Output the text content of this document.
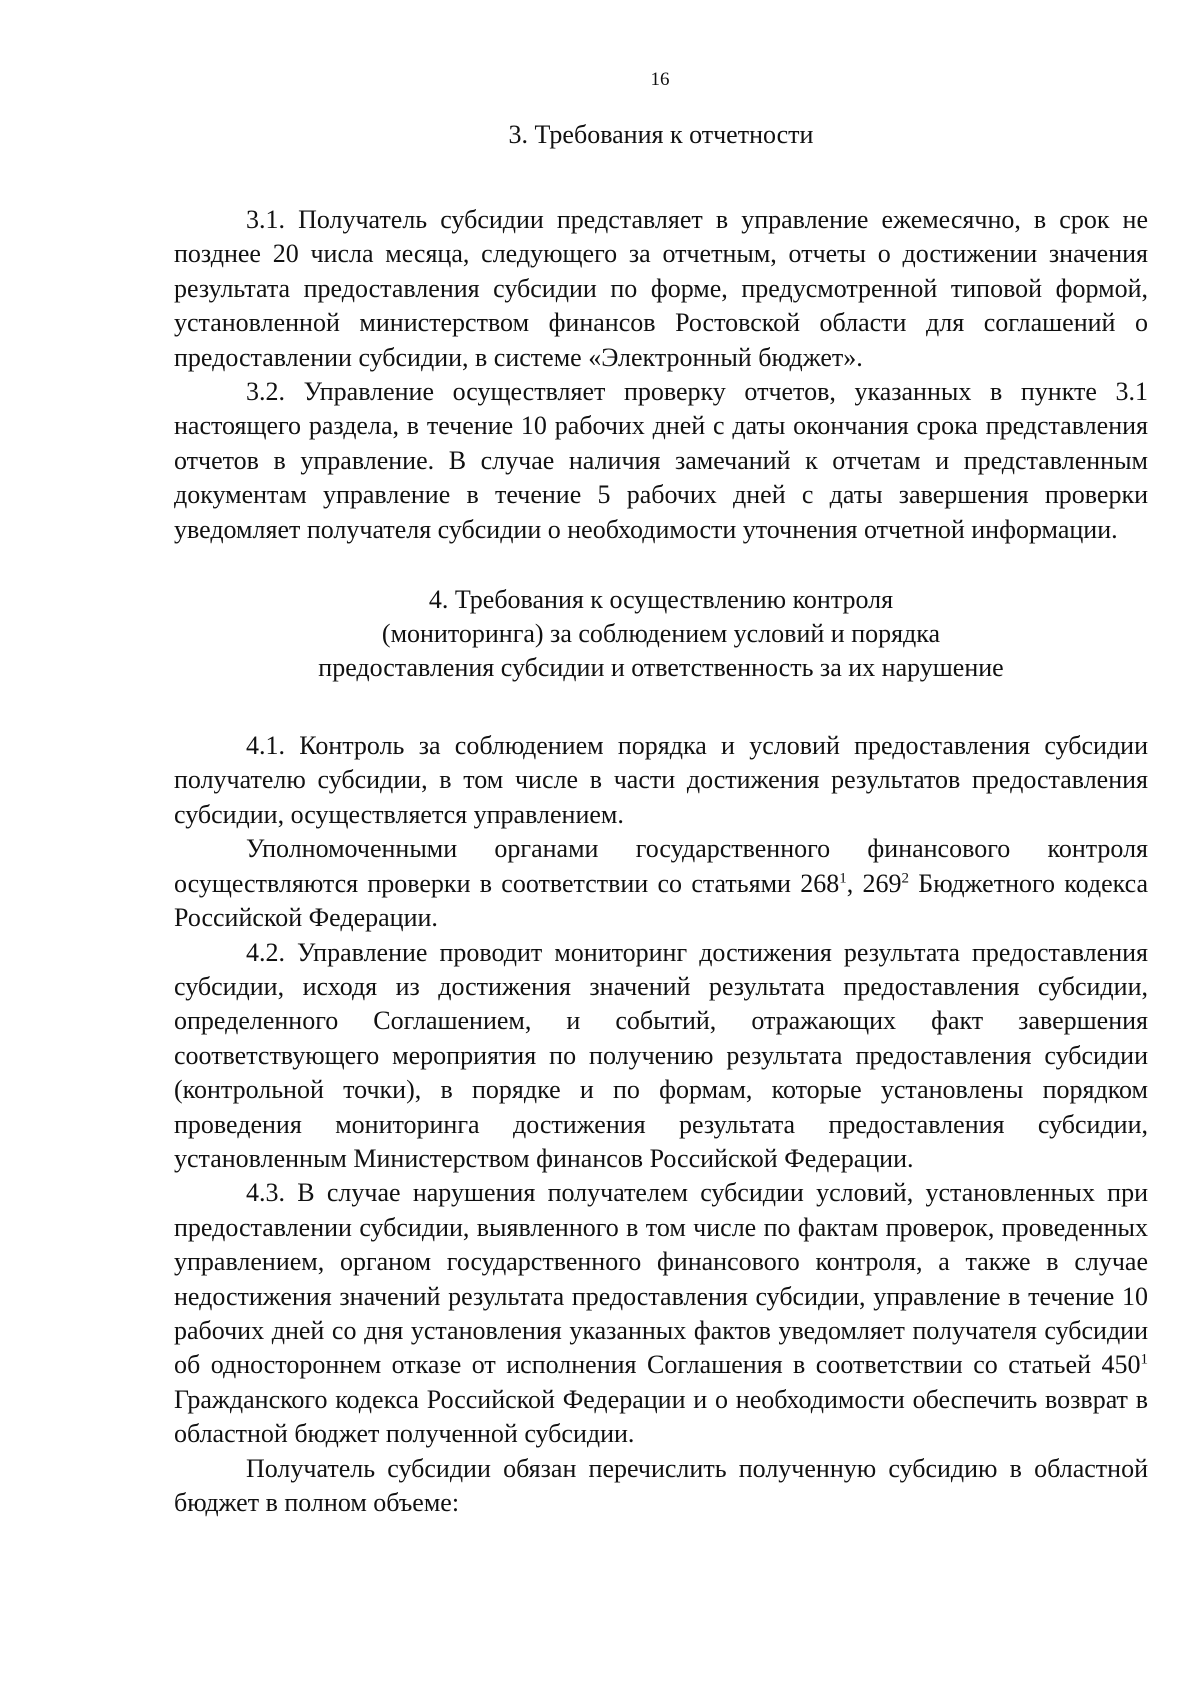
16
3. Требования к отчетности

3.1. Получатель субсидии представляет в управление ежемесячно, в срок не позднее 20 числа месяца, следующего за отчетным, отчеты о достижении значения результата предоставления субсидии по форме, предусмотренной типовой формой, установленной министерством финансов Ростовской области для соглашений о предоставлении субсидии, в системе «Электронный бюджет».

3.2. Управление осуществляет проверку отчетов, указанных в пункте 3.1 настоящего раздела, в течение 10 рабочих дней с даты окончания срока представления отчетов в управление. В случае наличия замечаний к отчетам и представленным документам управление в течение 5 рабочих дней с даты завершения проверки уведомляет получателя субсидии о необходимости уточнения отчетной информации.

4. Требования к осуществлению контроля
(мониторинга) за соблюдением условий и порядка
предоставления субсидии и ответственность за их нарушение

4.1. Контроль за соблюдением порядка и условий предоставления субсидии получателю субсидии, в том числе в части достижения результатов предоставления субсидии, осуществляется управлением.

Уполномоченными органами государственного финансового контроля осуществляются проверки в соответствии со статьями $268^1$, $269^2$ Бюджетного кодекса Российской Федерации.

4.2. Управление проводит мониторинг достижения результата предоставления субсидии, исходя из достижения значений результата предоставления субсидии, определенного Соглашением, и событий, отражающих факт завершения соответствующего мероприятия по получению результата предоставления субсидии (контрольной точки), в порядке и по формам, которые установлены порядком проведения мониторинга достижения результата предоставления субсидии, установленным Министерством финансов Российской Федерации.

4.3. В случае нарушения получателем субсидии условий, установленных при предоставлении субсидии, выявленного в том числе по фактам проверок, проведенных управлением, органом государственного финансового контроля, а также в случае недостижения значений результата предоставления субсидии, управление в течение 10 рабочих дней со дня установления указанных фактов уведомляет получателя субсидии об одностороннем отказе от исполнения Соглашения в соответствии со статьей $450^1$ Гражданского кодекса Российской Федерации и о необходимости обеспечить возврат в областной бюджет полученной субсидии.

Получатель субсидии обязан перечислить полученную субсидию в областной бюджет в полном объеме:
